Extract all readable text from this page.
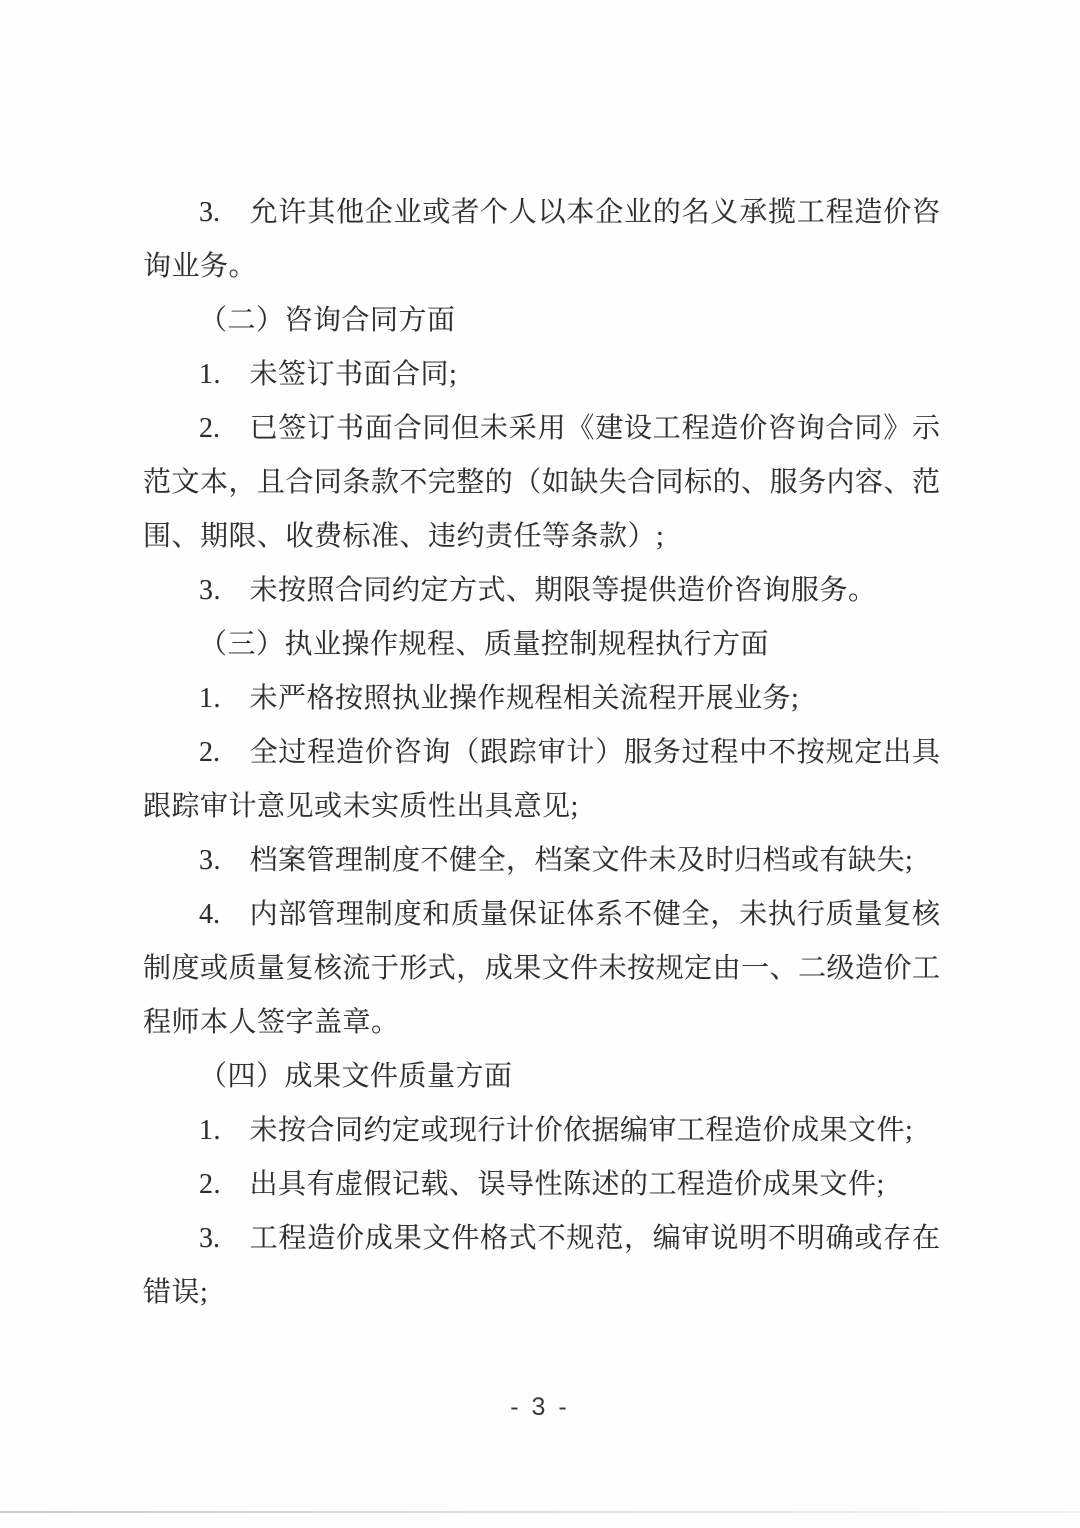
3.　允许其他企业或者个人以本企业的名义承揽工程造价咨
询业务。
（二）咨询合同方面
1.　未签订书面合同;
2.　已签订书面合同但未采用《建设工程造价咨询合同》示
范文本，且合同条款不完整的（如缺失合同标的、服务内容、范
围、期限、收费标准、违约责任等条款）;
3.　未按照合同约定方式、期限等提供造价咨询服务。
（三）执业操作规程、质量控制规程执行方面
1.　未严格按照执业操作规程相关流程开展业务;
2.　全过程造价咨询（跟踪审计）服务过程中不按规定出具
跟踪审计意见或未实质性出具意见;
3.　档案管理制度不健全，档案文件未及时归档或有缺失;
4.　内部管理制度和质量保证体系不健全，未执行质量复核
制度或质量复核流于形式，成果文件未按规定由一、二级造价工
程师本人签字盖章。
（四）成果文件质量方面
1.　未按合同约定或现行计价依据编审工程造价成果文件;
2.　出具有虚假记载、误导性陈述的工程造价成果文件;
3.　工程造价成果文件格式不规范，编审说明不明确或存在
错误;
- 3 -
